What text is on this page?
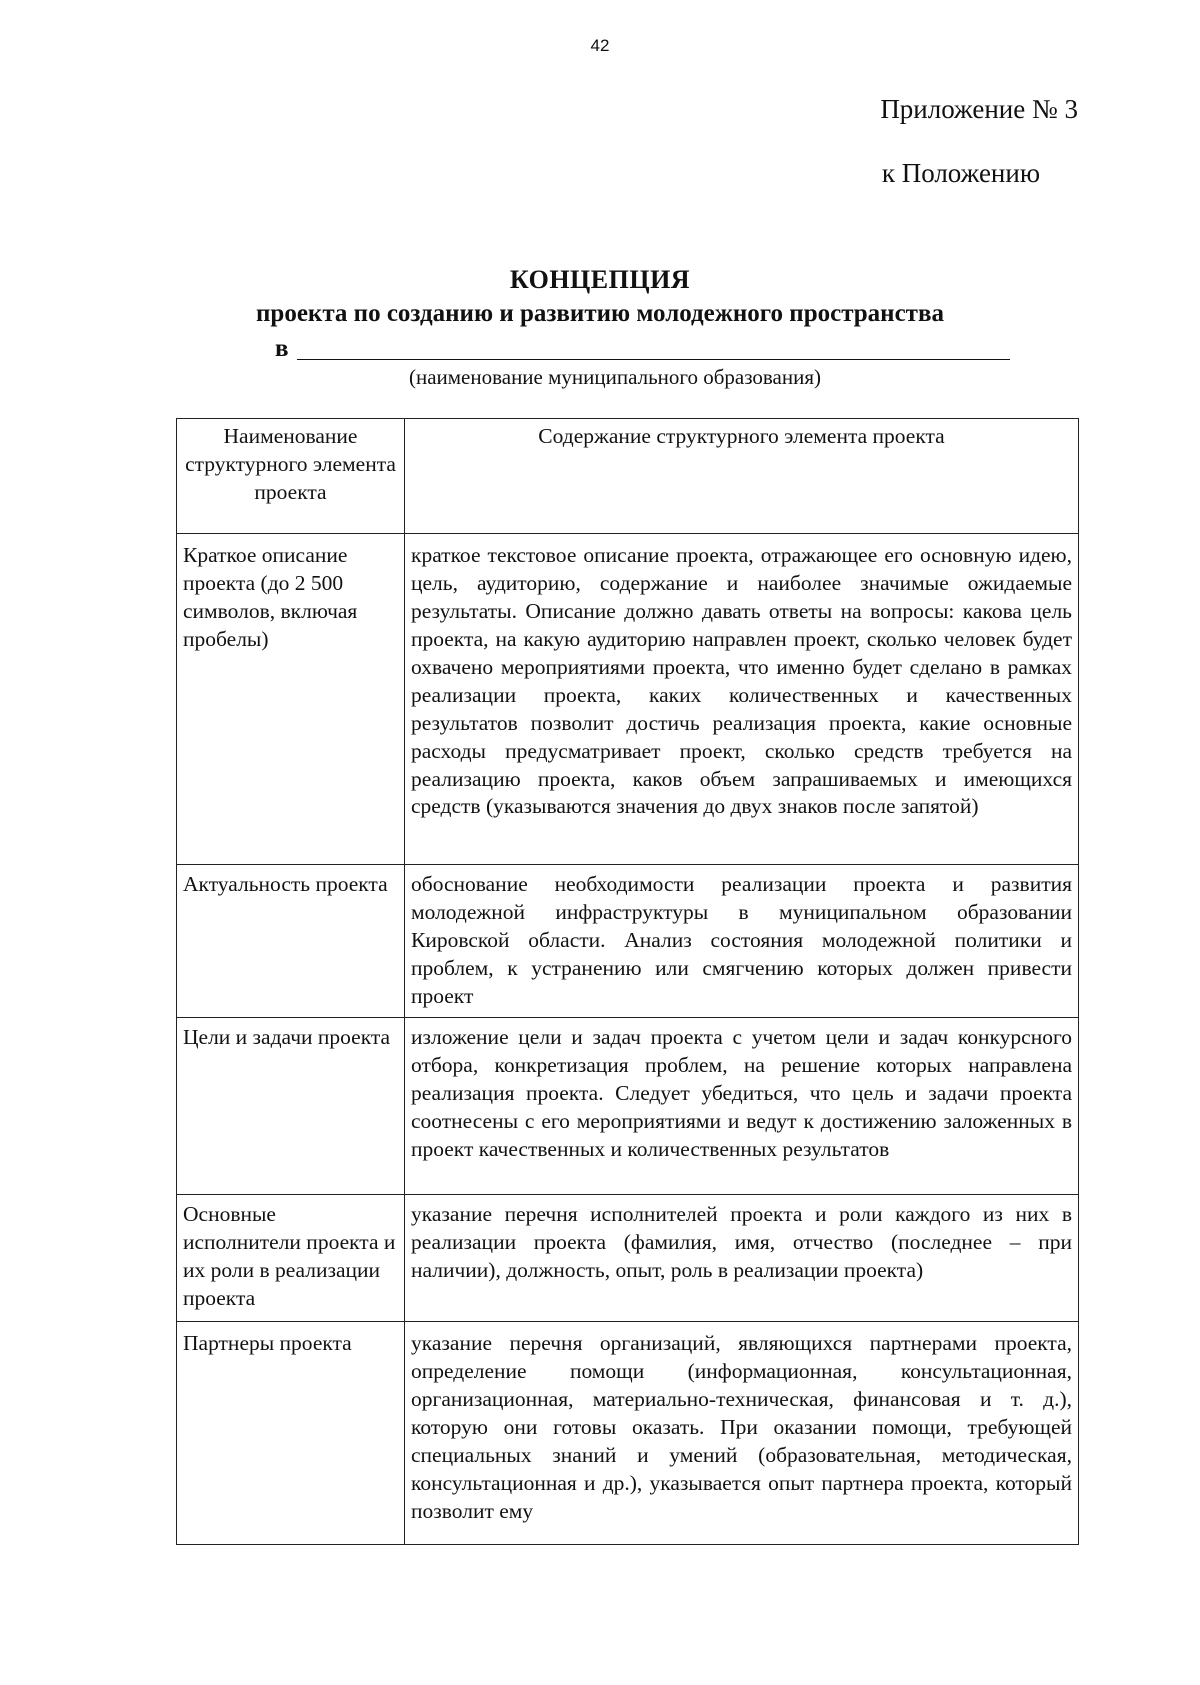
42
Приложение № 3
к Положению
КОНЦЕПЦИЯ
проекта по созданию и развитию молодежного пространства
в
(наименование муниципального образования)
Наименование структурного элемента проекта	Содержание структурного элемента проекта
Краткое описание проекта (до 2 500 символов, включая пробелы)	краткое текстовое описание проекта, отражающее его основную идею, цель, аудиторию, содержание и наиболее значимые ожидаемые результаты. Описание должно давать ответы на вопросы: какова цель проекта, на какую аудиторию направлен проект, сколько человек будет охвачено мероприятиями проекта, что именно будет сделано в рамках реализации проекта, каких количественных и качественных результатов позволит достичь реализация проекта, какие основные расходы предусматривает проект, сколько средств требуется на реализацию проекта, каков объем запрашиваемых и имеющихся средств (указываются значения до двух знаков после запятой)
Актуальность проекта	обоснование необходимости реализации проекта и развития молодежной инфраструктуры в муниципальном образовании Кировской области. Анализ состояния молодежной политики и проблем, к устранению или смягчению которых должен привести проект
Цели и задачи проекта	изложение цели и задач проекта с учетом цели и задач конкурсного отбора, конкретизация проблем, на решение которых направлена реализация проекта. Следует убедиться, что цель и задачи проекта соотнесены с его мероприятиями и ведут к достижению заложенных в проект качественных и количественных результатов
Основные исполнители проекта и их роли в реализации проекта	указание перечня исполнителей проекта и роли каждого из них в реализации проекта (фамилия, имя, отчество (последнее – при наличии), должность, опыт, роль в реализации проекта)
Партнеры проекта	указание перечня организаций, являющихся партнерами проекта, определение помощи (информационная, консультационная, организационная, материально-техническая, финансовая и т. д.), которую они готовы оказать. При оказании помощи, требующей специальных знаний и умений (образовательная, методическая, консультационная и др.), указывается опыт партнера проекта, который позволит ему
